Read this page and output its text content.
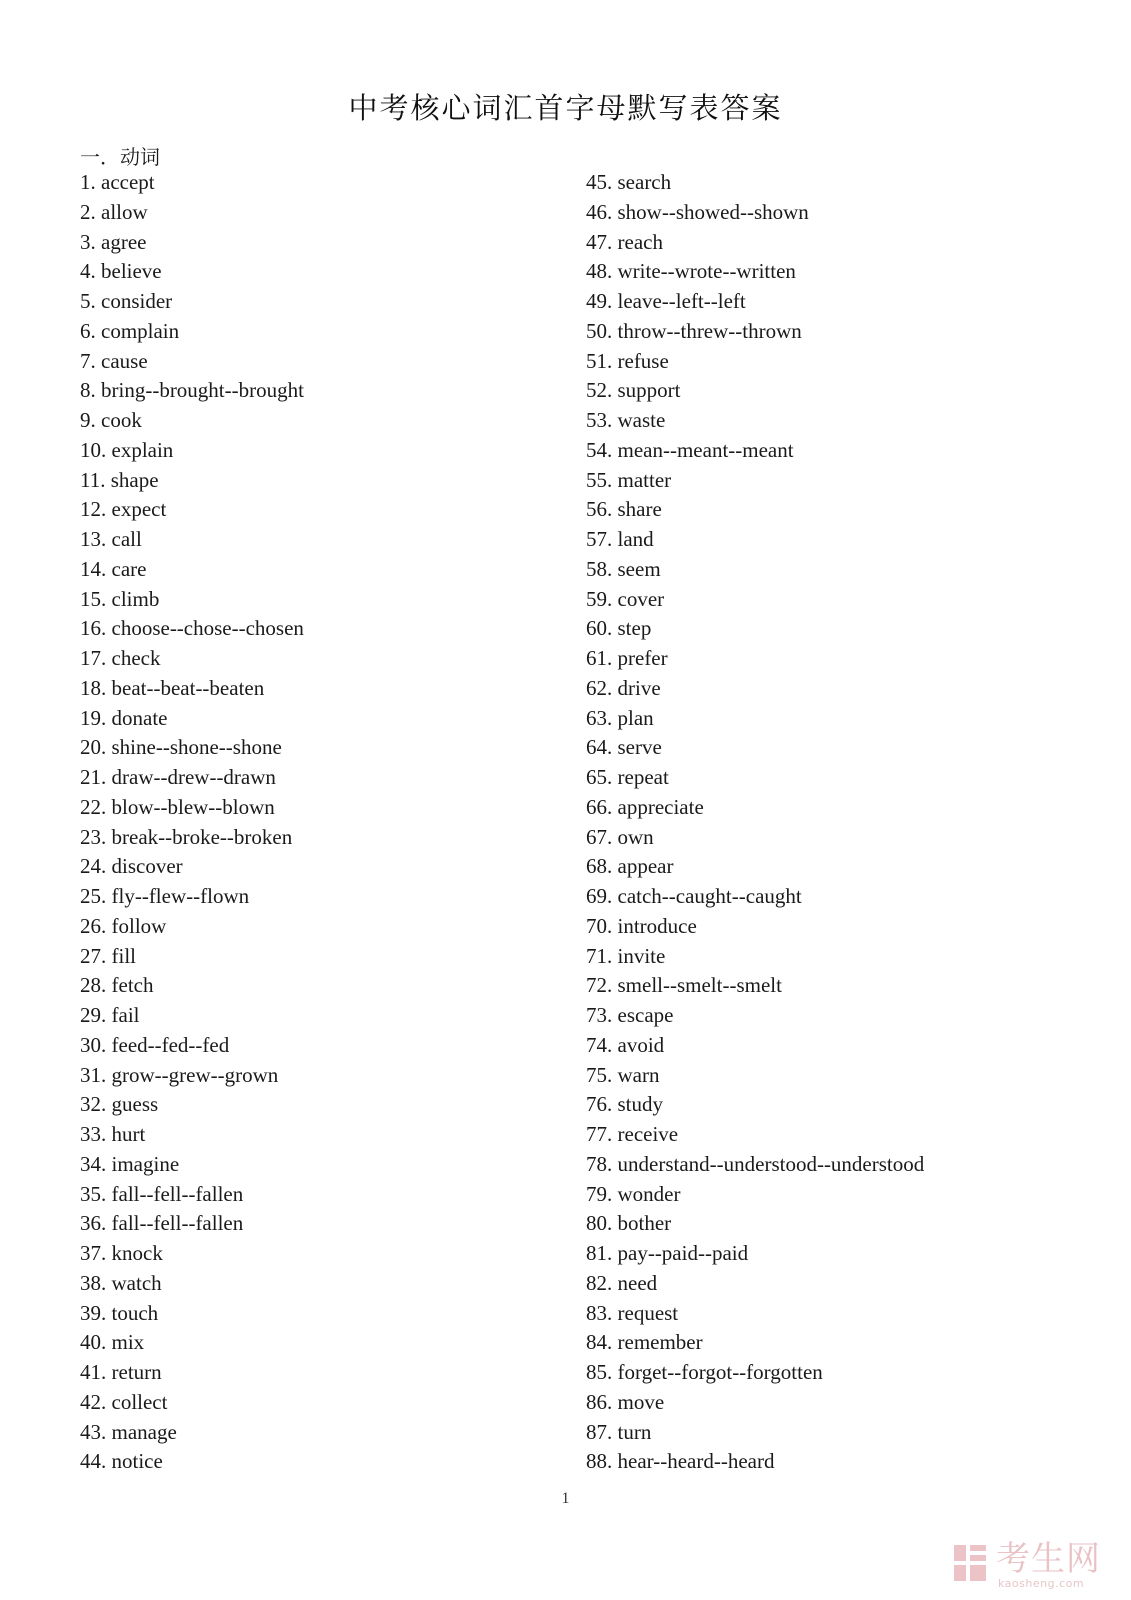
中考核心词汇首字母默写表答案
一．动词
1. accept
2. allow
3. agree
4. believe
5. consider
6. complain
7. cause
8. bring--brought--brought
9. cook
10. explain
11. shape
12. expect
13. call
14. care
15. climb
16. choose--chose--chosen
17. check
18. beat--beat--beaten
19. donate
20. shine--shone--shone
21. draw--drew--drawn
22. blow--blew--blown
23. break--broke--broken
24. discover
25. fly--flew--flown
26. follow
27. fill
28. fetch
29. fail
30. feed--fed--fed
31. grow--grew--grown
32. guess
33. hurt
34. imagine
35. fall--fell--fallen
36. fall--fell--fallen
37. knock
38. watch
39. touch
40. mix
41. return
42. collect
43. manage
44. notice
45. search
46. show--showed--shown
47. reach
48. write--wrote--written
49. leave--left--left
50. throw--threw--thrown
51. refuse
52. support
53. waste
54. mean--meant--meant
55. matter
56. share
57. land
58. seem
59. cover
60. step
61. prefer
62. drive
63. plan
64. serve
65. repeat
66. appreciate
67. own
68. appear
69. catch--caught--caught
70. introduce
71. invite
72. smell--smelt--smelt
73. escape
74. avoid
75. warn
76. study
77. receive
78. understand--understood--understood
79. wonder
80. bother
81. pay--paid--paid
82. need
83. request
84. remember
85. forget--forgot--forgotten
86. move
87. turn
88. hear--heard--heard
1
考生网
kaosheng.com
